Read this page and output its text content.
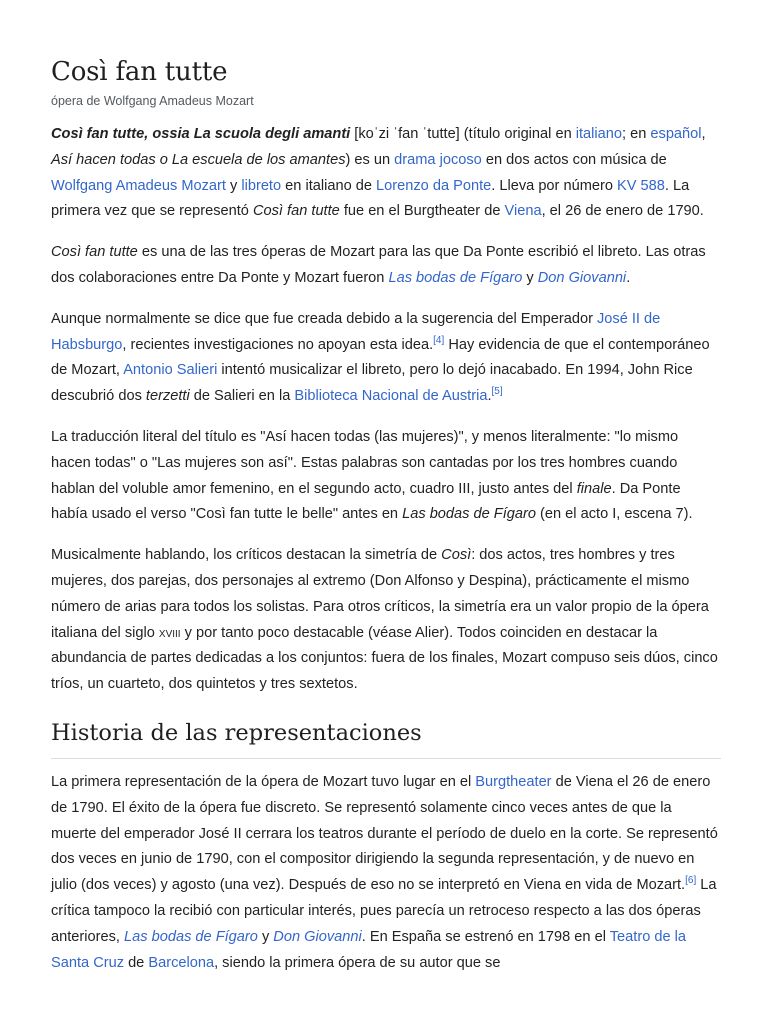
Così fan tutte
ópera de Wolfgang Amadeus Mozart

Così fan tutte, ossia La scuola degli amanti [koˈzi ˈfan ˈtutte] (título original en italiano; en español, Así hacen todas o La escuela de los amantes) es un drama jocoso en dos actos con música de Wolfgang Amadeus Mozart y libreto en italiano de Lorenzo da Ponte. Lleva por número KV 588. La primera vez que se representó Così fan tutte fue en el Burgtheater de Viena, el 26 de enero de 1790.

Così fan tutte es una de las tres óperas de Mozart para las que Da Ponte escribió el libreto. Las otras dos colaboraciones entre Da Ponte y Mozart fueron Las bodas de Fígaro y Don Giovanni.

Aunque normalmente se dice que fue creada debido a la sugerencia del Emperador José II de Habsburgo, recientes investigaciones no apoyan esta idea.[4] Hay evidencia de que el contemporáneo de Mozart, Antonio Salieri intentó musicalizar el libreto, pero lo dejó inacabado. En 1994, John Rice descubrió dos terzetti de Salieri en la Biblioteca Nacional de Austria.[5]

La traducción literal del título es "Así hacen todas (las mujeres)", y menos literalmente: "lo mismo hacen todas" o "Las mujeres son así". Estas palabras son cantadas por los tres hombres cuando hablan del voluble amor femenino, en el segundo acto, cuadro III, justo antes del finale. Da Ponte había usado el verso "Così fan tutte le belle" antes en Las bodas de Fígaro (en el acto I, escena 7).

Musicalmente hablando, los críticos destacan la simetría de Così: dos actos, tres hombres y tres mujeres, dos parejas, dos personajes al extremo (Don Alfonso y Despina), prácticamente el mismo número de arias para todos los solistas. Para otros críticos, la simetría era un valor propio de la ópera italiana del siglo xviii y por tanto poco destacable (véase Alier). Todos coinciden en destacar la abundancia de partes dedicadas a los conjuntos: fuera de los finales, Mozart compuso seis dúos, cinco tríos, un cuarteto, dos quintetos y tres sextetos.

Historia de las representaciones

La primera representación de la ópera de Mozart tuvo lugar en el Burgtheater de Viena el 26 de enero de 1790. El éxito de la ópera fue discreto. Se representó solamente cinco veces antes de que la muerte del emperador José II cerrara los teatros durante el período de duelo en la corte. Se representó dos veces en junio de 1790, con el compositor dirigiendo la segunda representación, y de nuevo en julio (dos veces) y agosto (una vez). Después de eso no se interpretó en Viena en vida de Mozart.[6] La crítica tampoco la recibió con particular interés, pues parecía un retroceso respecto a las dos óperas anteriores, Las bodas de Fígaro y Don Giovanni. En España se estrenó en 1798 en el Teatro de la Santa Cruz de Barcelona, siendo la primera ópera de su autor que se
